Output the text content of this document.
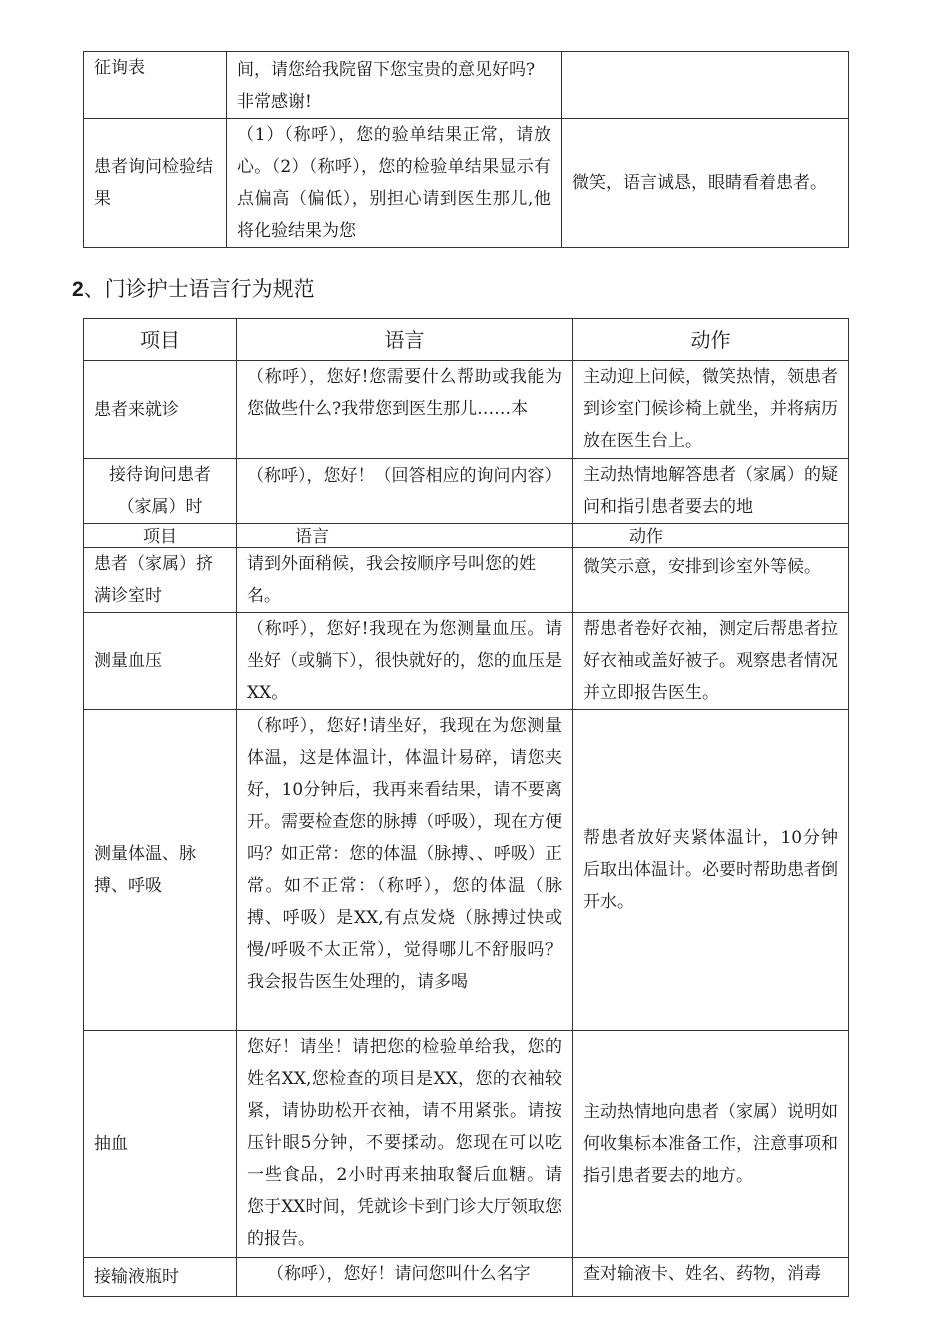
征询表	间，请您给我院留下您宝贵的意见好吗?非常感谢!	
患者询问检验结果	（1）（称呼），您的验单结果正常，请放心。（2）（称呼），您的检验单结果显示有点偏高（偏低），别担心请到医生那儿,他将化验结果为您	微笑，语言诚恳，眼睛看着患者。
2、门诊护士语言行为规范
项目	语言	动作
患者来就诊	（称呼），您好!您需要什么帮助或我能为您做些什么?我带您到医生那儿……本	主动迎上问候，微笑热情，领患者到诊室门候诊椅上就坐，并将病历放在医生台上。
接待询问患者（家属）时	（称呼），您好！（回答相应的询问内容）	主动热情地解答患者（家属）的疑问和指引患者要去的地
项目	语言	动作
患者（家属）挤满诊室时	请到外面稍候，我会按顺序号叫您的姓名。	微笑示意，安排到诊室外等候。
测量血压	（称呼），您好!我现在为您测量血压。请坐好（或躺下），很快就好的，您的血压是XX。	帮患者卷好衣袖，测定后帮患者拉好衣袖或盖好被子。观察患者情况并立即报告医生。
测量体温、脉搏、呼吸	（称呼），您好!请坐好，我现在为您测量体温，这是体温计，体温计易碎，请您夹好，10分钟后，我再来看结果，请不要离开。需要检查您的脉搏（呼吸），现在方便吗？如正常：您的体温（脉搏、、呼吸）正常。如不正常：（称呼），您的体温（脉搏、呼吸）是XX,有点发烧（脉搏过快或慢/呼吸不太正常），觉得哪儿不舒服吗？我会报告医生处理的，请多喝	帮患者放好夹紧体温计，10分钟后取出体温计。必要时帮助患者倒开水。
抽血	您好！请坐！请把您的检验单给我，您的姓名XX,您检查的项目是XX，您的衣袖较紧，请协助松开衣袖，请不用紧张。请按压针眼5分钟，不要揉动。您现在可以吃一些食品，2小时再来抽取餐后血糖。请您于XX时间，凭就诊卡到门诊大厅领取您的报告。	主动热情地向患者（家属）说明如何收集标本准备工作，注意事项和指引患者要去的地方。
接输液瓶时	（称呼），您好！请问您叫什么名字	查对输液卡、姓名、药物，消毒
